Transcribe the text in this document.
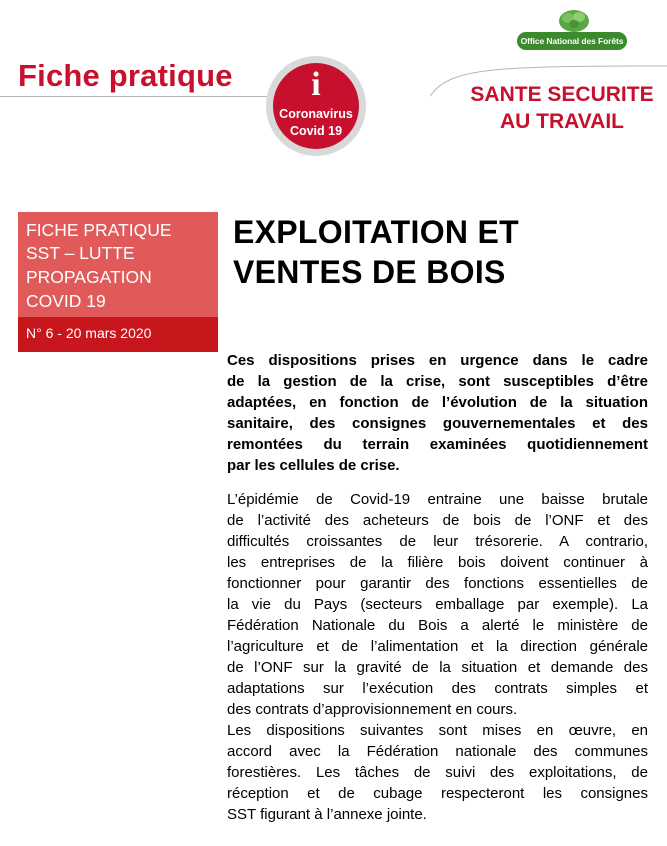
Office National des Forêts
Fiche pratique	i
Coronavirus
Covid 19
SANTE SECURITE
AU TRAVAIL
FICHE PRATIQUE
SST – LUTTE
PROPAGATION
COVID 19
N° 6 - 20 mars 2020
EXPLOITATION ET
VENTES DE BOIS
Ces dispositions prises en urgence dans le cadre
de la gestion de la crise, sont susceptibles d’être
adaptées, en fonction de l’évolution de la situation
sanitaire, des consignes gouvernementales et des
remontées du terrain examinées quotidiennement
par les cellules de crise.
L’épidémie de Covid-19 entraine une baisse brutale
de l’activité des acheteurs de bois de l’ONF et des
difficultés croissantes de leur trésorerie. A contrario,
les entreprises de la filière bois doivent continuer à
fonctionner pour garantir des fonctions essentielles de
la vie du Pays (secteurs emballage par exemple). La
Fédération Nationale du Bois a alerté le ministère de
l’agriculture et de l’alimentation et la direction générale
de l’ONF sur la gravité de la situation et demande des
adaptations sur l’exécution des contrats simples et
des contrats d’approvisionnement en cours.
Les dispositions suivantes sont mises en œuvre, en
accord avec la Fédération nationale des communes
forestières. Les tâches de suivi des exploitations, de
réception et de cubage respecteront les consignes
SST figurant à l’annexe jointe.
